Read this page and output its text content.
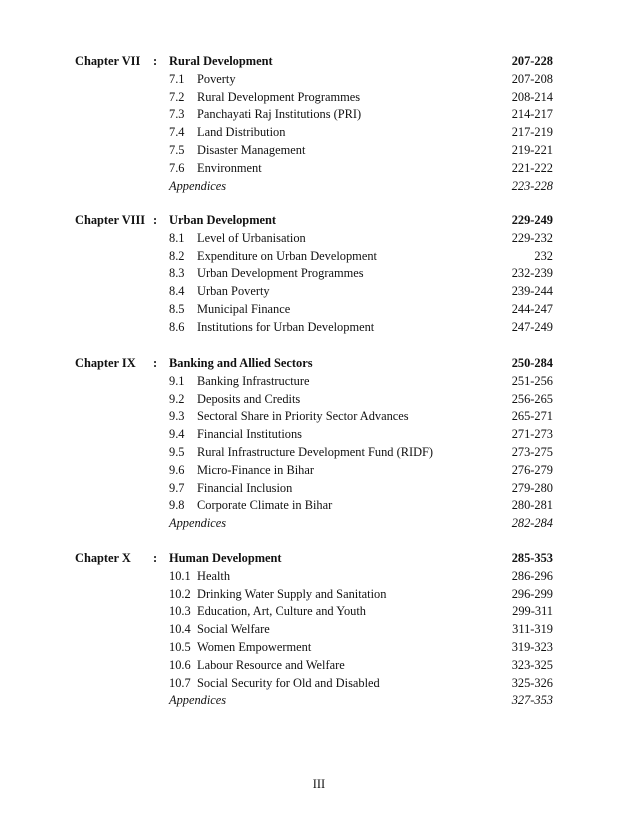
Chapter VII : Rural Development	207-228
7.1 Poverty	207-208
7.2 Rural Development Programmes	208-214
7.3 Panchayati Raj Institutions (PRI)	214-217
7.4 Land Distribution	217-219
7.5 Disaster Management	219-221
7.6 Environment	221-222
Appendices	223-228
Chapter VIII : Urban Development	229-249
8.1 Level of Urbanisation	229-232
8.2 Expenditure on Urban Development	232
8.3 Urban Development Programmes	232-239
8.4 Urban Poverty	239-244
8.5 Municipal Finance	244-247
8.6 Institutions for Urban Development	247-249
Chapter IX : Banking and Allied Sectors	250-284
9.1 Banking Infrastructure	251-256
9.2 Deposits and Credits	256-265
9.3 Sectoral Share in Priority Sector Advances	265-271
9.4 Financial Institutions	271-273
9.5 Rural Infrastructure Development Fund (RIDF)	273-275
9.6 Micro-Finance in Bihar	276-279
9.7 Financial Inclusion	279-280
9.8 Corporate Climate in Bihar	280-281
Appendices	282-284
Chapter X : Human Development	285-353
10.1 Health	286-296
10.2 Drinking Water Supply and Sanitation	296-299
10.3 Education, Art, Culture and Youth	299-311
10.4 Social Welfare	311-319
10.5 Women Empowerment	319-323
10.6 Labour Resource and Welfare	323-325
10.7 Social Security for Old and Disabled	325-326
Appendices	327-353
III
